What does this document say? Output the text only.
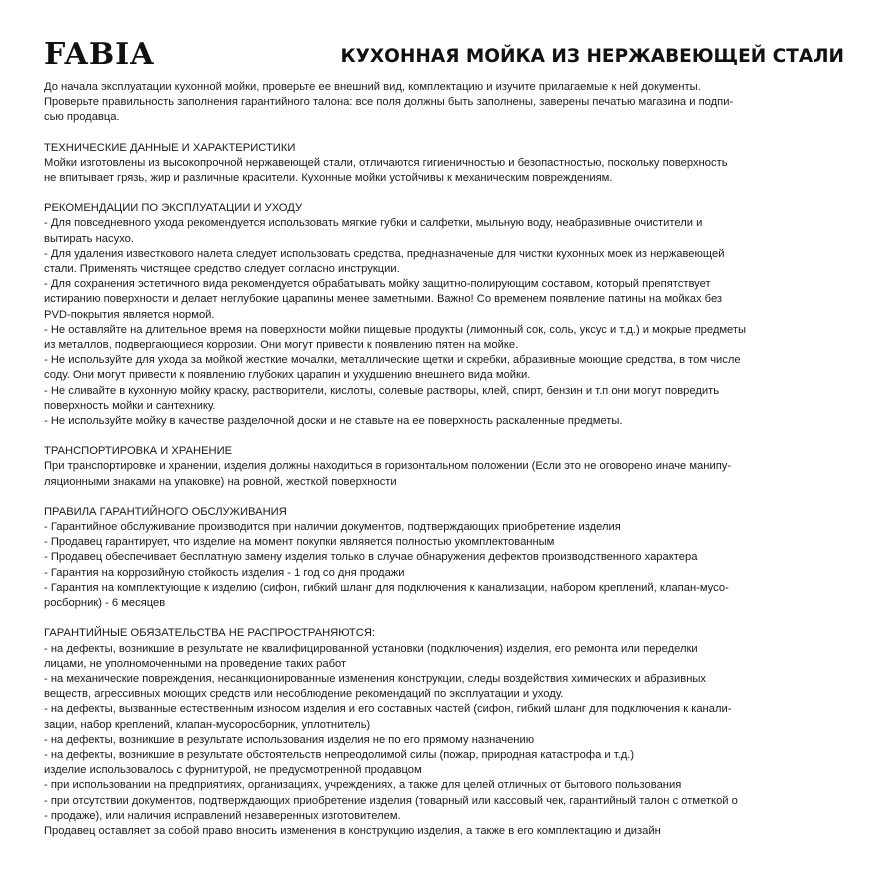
FABIA	КУХОННАЯ МОЙКА ИЗ НЕРЖАВЕЮЩЕЙ СТАЛИ

До начала эксплуатации кухонной мойки, проверьте ее внешний вид, комплектацию и изучите прилагаемые к ней документы.
Проверьте правильность заполнения гарантийного талона: все поля должны быть заполнены, заверены печатью магазина и подпи-
сью продавца.

ТЕХНИЧЕСКИЕ ДАННЫЕ И ХАРАКТЕРИСТИКИ

Мойки изготовлены из высокопрочной нержавеющей стали, отличаются гигиеничностью и безопастностью, поскольку поверхность
не впитывает грязь, жир и различные красители. Кухонные мойки устойчивы к механическим повреждениям.

РЕКОМЕНДАЦИИ ПО ЭКСПЛУАТАЦИИ И УХОДУ

- Для повседневного ухода рекомендуется использовать мягкие губки и салфетки, мыльную воду, неабразивные очистители и
вытирать насухо.

- Для удаления известкового налета следует использовать средства, предназначеные для чистки кухонных моек из нержавеющей
стали. Применять чистящее средство следует согласно инструкции.

- Для сохранения эстетичного вида рекомендуется обрабатывать мойку защитно-полирующим составом, который препятствует
истиранию поверхности и делает неглубокие царапины менее заметными. Важно! Со временем появление патины на мойках без
PVD-покрытия является нормой.

- Не оставляйте на длительное время на поверхности мойки пищевые продукты (лимонный сок, соль, уксус и т.д.) и мокрые предметы
из металлов, подвергающиеся коррозии. Они могут привести к появлению пятен на мойке.

- Не используйте для ухода за мойкой жесткие мочалки, металлические щетки и скребки, абразивные моющие средства, в том числе
соду. Они могут привести к появлению глубоких царапин и ухудшению внешнего вида мойки.

- Не сливайте в кухонную мойку краску, растворители, кислоты, солевые растворы, клей, спирт, бензин и т.п они могут повредить
поверхность мойки и сантехнику.

- Не используйте мойку в качестве разделочной доски и не ставьте на ее поверхность раскаленные предметы.

ТРАНСПОРТИРОВКА И ХРАНЕНИЕ

При транспортировке и хранении, изделия должны находиться в горизонтальном положении (Если это не оговорено иначе манипу-
ляционными знаками на упаковке) на ровной, жесткой поверхности

ПРАВИЛА ГАРАНТИЙНОГО ОБСЛУЖИВАНИЯ

- Гарантийное обслуживание производится при наличии документов, подтверждающих приобретение изделия

- Продавец гарантирует, что изделие на момент покупки являяется полностью укомплектованным

- Продавец обеспечивает бесплатную замену изделия только в случае обнаружения дефектов производственного характера

- Гарантия на коррозийную стойкость изделия - 1 год со дня продажи

- Гарантия на комплектующие к изделию (сифон, гибкий шланг для подключения к канализации, набором креплений, клапан-мусо-
росборник) - 6 месяцев

ГАРАНТИЙНЫЕ ОБЯЗАТЕЛЬСТВА НЕ РАСПРОСТРАНЯЮТСЯ:

- на дефекты, возникшие в результате не квалифицированной установки (подключения) изделия, его ремонта или переделки
лицами, не уполномоченными на проведение таких работ

- на механические повреждения, несанкционированные изменения конструкции, следы воздействия химических и абразивных
веществ, агрессивных моющих средств или несоблюдение рекомендаций по эксплуатации и уходу.

- на дефекты, вызванные естественным износом изделия и его составных частей (сифон, гибкий шланг для подключения к канали-
зации, набор креплений, клапан-мусоросборник, уплотнитель)

- на дефекты, возникшие в результате использования изделия не по его прямому назначению

- на дефекты, возникшие в результате обстоятельств непреодолимой силы (пожар, природная катастрофа и т.д.)

изделие использовалось с фурнитурой, не предусмотренной продавцом

- при использовании на предприятиях, организациях, учреждениях, а также для целей отличных от бытового пользования

- при отсутствии документов, подтверждающих приобретение изделия (товарный или кассовый чек, гарантийный талон с отметкой о
- продаже), или наличия исправлений незаверенных изготовителем.

Продавец оставляет за собой право вносить изменения в конструкцию изделия, а также в его комплектацию и дизайн
